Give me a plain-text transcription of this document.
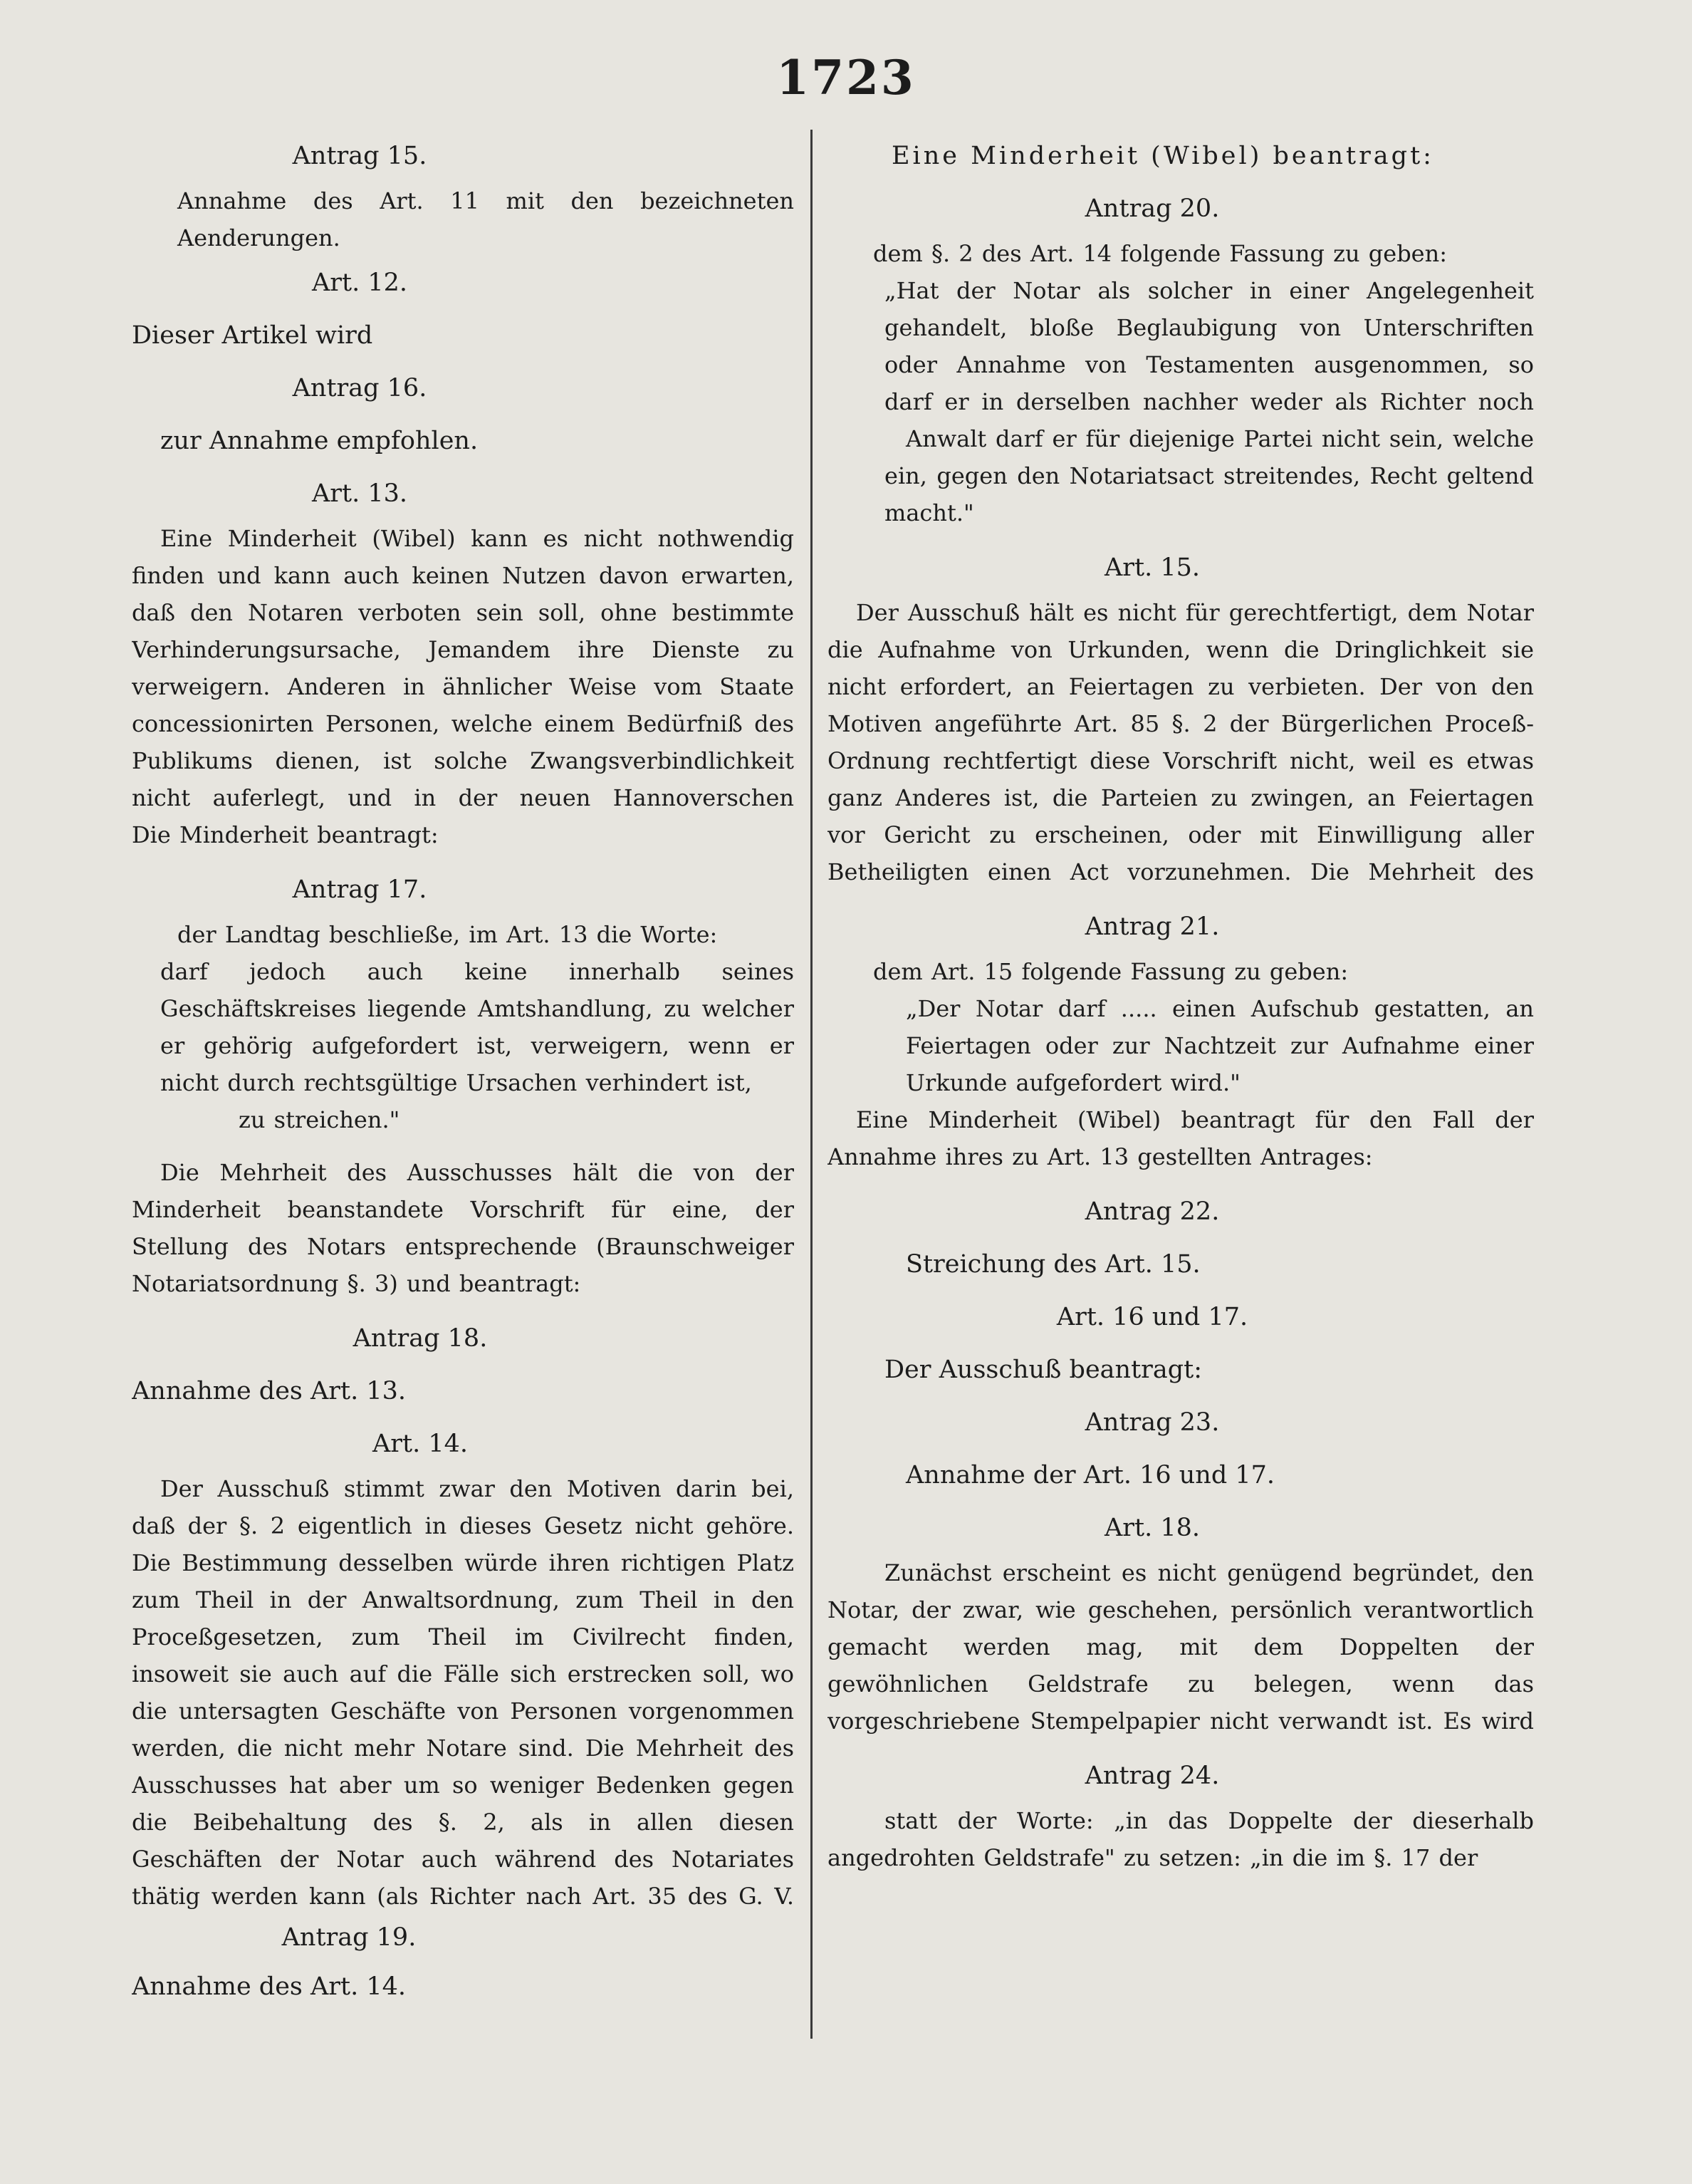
1723
Antrag 15.
Annahme des Art. 11 mit den bezeichneten Aenderungen.
Art. 12.
Dieser Artikel wird
Antrag 16.
zur Annahme empfohlen.
Art. 13.
Eine Minderheit (Wibel) kann es nicht nothwendig finden und kann auch keinen Nutzen davon erwarten, daß den Notaren verboten sein soll, ohne bestimmte Verhinderungsursache, Jemandem ihre Dienste zu verweigern. Anderen in ähnlicher Weise vom Staate concessionirten Personen, welche einem Bedürfniß des Publikums dienen, ist solche Zwangsverbindlichkeit nicht auferlegt, und in der neuen Hannoverschen
Die Minderheit beantragt:
Antrag 17.
der Landtag beschließe, im Art. 13 die Worte:
darf jedoch auch keine innerhalb seines Geschäftskreises liegende Amtshandlung, zu welcher er gehörig aufgefordert ist, verweigern, wenn er nicht durch rechtsgültige Ursachen verhindert ist,
zu streichen."
Die Mehrheit des Ausschusses hält die von der Minderheit beanstandete Vorschrift für eine, der Stellung des Notars entsprechende (Braunschweiger Notariatsordnung §. 3) und beantragt:
Antrag 18.
Annahme des Art. 13.
Art. 14.
Der Ausschuß stimmt zwar den Motiven darin bei, daß der §. 2 eigentlich in dieses Gesetz nicht gehöre. Die Bestimmung desselben würde ihren richtigen Platz zum Theil in der Anwaltsordnung, zum Theil in den Proceßgesetzen, zum Theil im Civilrecht finden, insoweit sie auch auf die Fälle sich erstrecken soll, wo die untersagten Geschäfte von Personen vorgenommen werden, die nicht mehr Notare sind. Die Mehrheit des Ausschusses hat aber um so weniger Bedenken gegen die Beibehaltung des §. 2, als in allen diesen Geschäften der Notar auch während des Notariates thätig werden kann (als Richter nach Art. 35 des G. V.
Antrag 19.
Annahme des Art. 14.
Eine Minderheit (Wibel) beantragt:
Antrag 20.
dem §. 2 des Art. 14 folgende Fassung zu geben:
„Hat der Notar als solcher in einer Angelegenheit gehandelt, bloße Beglaubigung von Unterschriften oder Annahme von Testamenten ausgenommen, so darf er in derselben nachher weder als Richter noch
Anwalt darf er für diejenige Partei nicht sein, welche ein, gegen den Notariatsact streitendes, Recht geltend macht."
Art. 15.
Der Ausschuß hält es nicht für gerechtfertigt, dem Notar die Aufnahme von Urkunden, wenn die Dringlichkeit sie nicht erfordert, an Feiertagen zu verbieten. Der von den Motiven angeführte Art. 85 §. 2 der Bürgerlichen Proceß-Ordnung rechtfertigt diese Vorschrift nicht, weil es etwas ganz Anderes ist, die Parteien zu zwingen, an Feiertagen vor Gericht zu erscheinen, oder mit Einwilligung aller Betheiligten einen Act vorzunehmen. Die Mehrheit des
Antrag 21.
dem Art. 15 folgende Fassung zu geben:
„Der Notar darf ..... einen Aufschub gestatten, an Feiertagen oder zur Nachtzeit zur Aufnahme einer Urkunde aufgefordert wird."
Eine Minderheit (Wibel) beantragt für den Fall der Annahme ihres zu Art. 13 gestellten Antrages:
Antrag 22.
Streichung des Art. 15.
Art. 16 und 17.
Der Ausschuß beantragt:
Antrag 23.
Annahme der Art. 16 und 17.
Art. 18.
Zunächst erscheint es nicht genügend begründet, den Notar, der zwar, wie geschehen, persönlich verantwortlich gemacht werden mag, mit dem Doppelten der gewöhnlichen Geldstrafe zu belegen, wenn das vorgeschriebene Stempelpapier nicht verwandt ist. Es wird
Antrag 24.
statt der Worte: „in das Doppelte der dieserhalb angedrohten Geldstrafe" zu setzen: „in die im §. 17 der
